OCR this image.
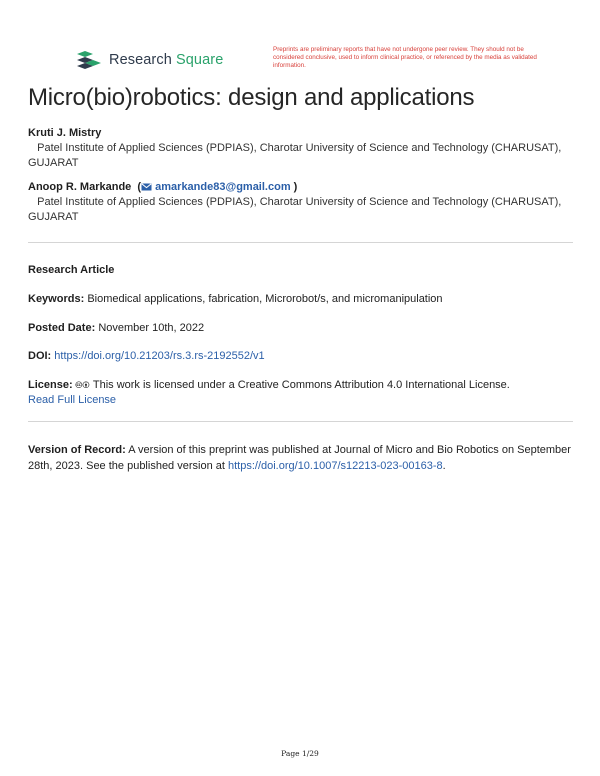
Research Square
Preprints are preliminary reports that have not undergone peer review. They should not be considered conclusive, used to inform clinical practice, or referenced by the media as validated information.
Micro(bio)robotics: design and applications
Kruti J. Mistry
Patel Institute of Applied Sciences (PDPIAS), Charotar University of Science and Technology (CHARUSAT), GUJARAT
Anoop R. Markande  ( amarkande83@gmail.com )
Patel Institute of Applied Sciences (PDPIAS), Charotar University of Science and Technology (CHARUSAT), GUJARAT
Research Article
Keywords: Biomedical applications, fabrication, Microrobot/s, and micromanipulation
Posted Date: November 10th, 2022
DOI: https://doi.org/10.21203/rs.3.rs-2192552/v1
License: 🅭🅯 This work is licensed under a Creative Commons Attribution 4.0 International License.
Read Full License
Version of Record: A version of this preprint was published at Journal of Micro and Bio Robotics on September 28th, 2023. See the published version at https://doi.org/10.1007/s12213-023-00163-8.
Page 1/29
